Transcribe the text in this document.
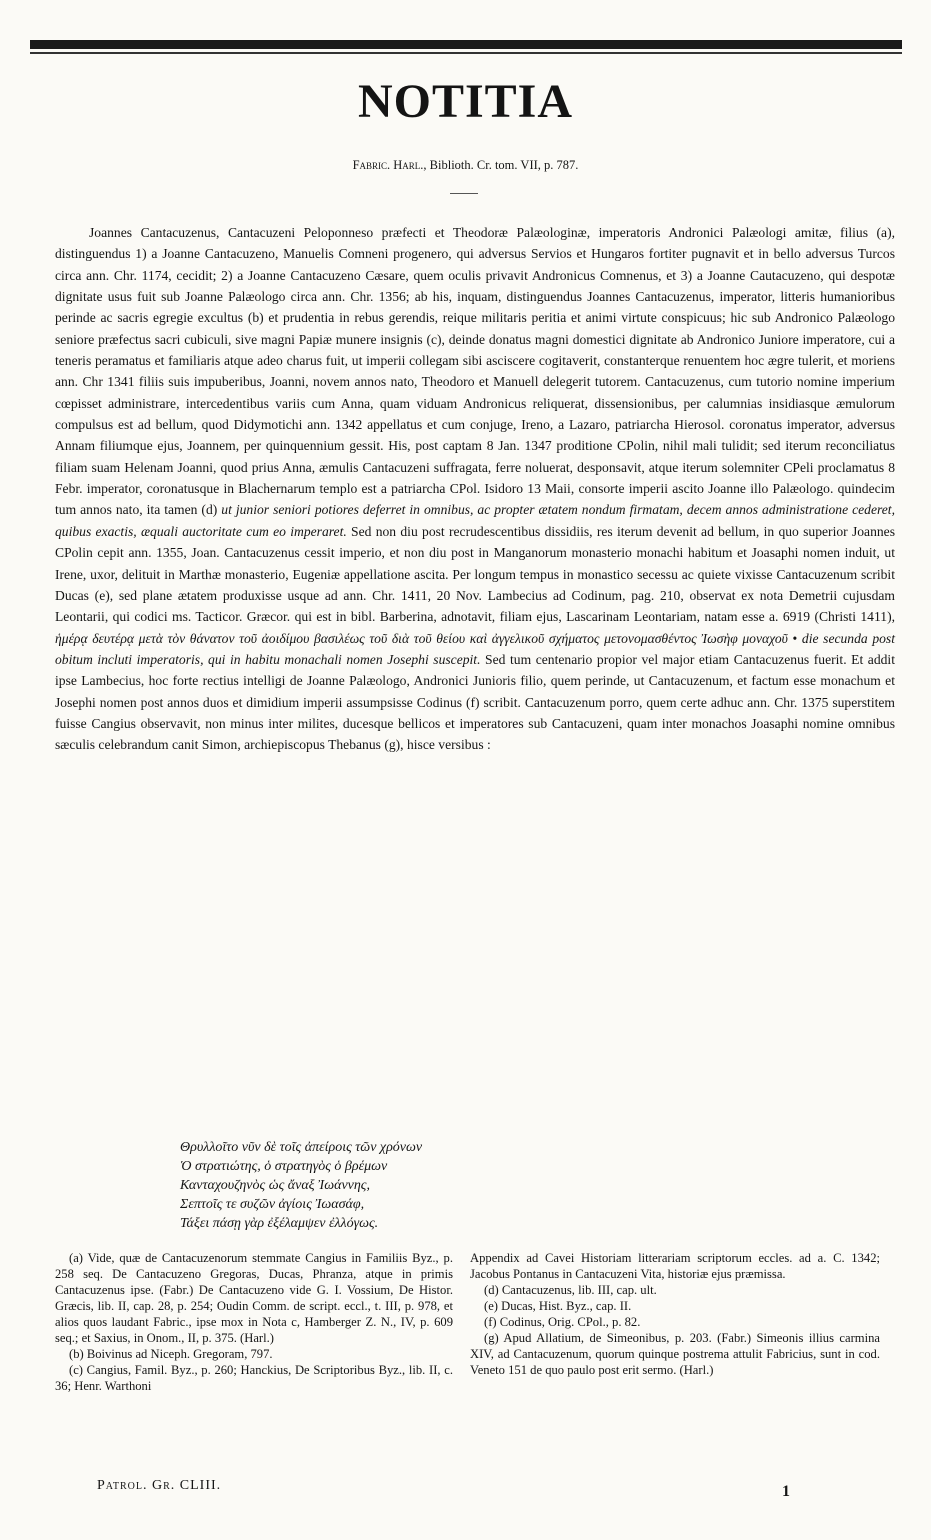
NOTITIA
Fabric. Harl., Biblioth. Cr. tom. VII, p. 787.
Joannes Cantacuzenus, Cantacuzeni Peloponneso præfecti et Theodoræ Palæologinæ, imperatoris Andronici Palæologi amitæ, filius (a), distinguendus 1) a Joanne Cantacuzeno, Manuelis Comneni progenero, qui adversus Servios et Hungaros fortiter pugnavit et in bello adversus Turcos circa ann. Chr. 1174, cecidit; 2) a Joanne Cantacuzeno Cæsare, quem oculis privavit Andronicus Comnenus, et 3) a Joanne Cautacuzeno, qui despotæ dignitate usus fuit sub Joanne Palæologo circa ann. Chr. 1356; ab his, inquam, distinguendus Joannes Cantacuzenus, imperator, litteris humanioribus perinde ac sacris egregie excultus (b) et prudentia in rebus gerendis, reique militaris peritia et animi virtute conspicuus; hic sub Andronico Palæologo seniore præfectus sacri cubiculi, sive magni Papiæ munere insignis (c), deinde donatus magni domestici dignitate ab Andronico Juniore imperatore, cui a teneris peramatus et familiaris atque adeo charus fuit, ut imperii collegam sibi asciscere cogitaverit, constanterque renuentem hoc ægre tulerit, et moriens ann. Chr 1341 filiis suis impuberibus, Joanni, novem annos nato, Theodoro et Manuell delegerit tutorem. Cantacuzenus, cum tutorio nomine imperium cœpisset administrare, intercedentibus variis cum Anna, quam viduam Andronicus reliquerat, dissensionibus, per calumnias insidiasque æmulorum compulsus est ad bellum, quod Didymotichi ann. 1342 appellatus et cum conjuge, Ireno, a Lazaro, patriarcha Hierosol. coronatus imperator, adversus Annam filiumque ejus, Joannem, per quinquennium gessit. His, post captam 8 Jan. 1347 proditione CPolin, nihil mali tulidit; sed iterum reconciliatus filiam suam Helenam Joanni, quod prius Anna, æmulis Cantacuzeni suffragata, ferre noluerat, desponsavit, atque iterum solemniter CPeli proclamatus 8 Febr. imperator, coronatusque in Blachernarum templo est a patriarcha CPol. Isidoro 13 Maii, consorte imperii ascito Joanne illo Palæologo. quindecim tum annos nato, ita tamen (d) ut junior seniori potiores deferret in omnibus, ac propter ætatem nondum firmatam, decem annos administratione cederet, quibus exactis, æquali auctoritate cum eo imperaret. Sed non diu post recrudescentibus dissidiis, res iterum devenit ad bellum, in quo superior Joannes CPolin cepit ann. 1355, Joan. Cantacuzenus cessit imperio, et non diu post in Manganorum monasterio monachi habitum et Joasaphi nomen induit, ut Irene, uxor, delituit in Marthæ monasterio, Eugeniæ appellatione ascita. Per longum tempus in monastico secessu ac quiete vixisse Cantacuzenum scribit Ducas (e), sed plane ætatem produxisse usque ad ann. Chr. 1411, 20 Nov. Lambecius ad Codinum, pag. 210, observat ex nota Demetrii cujusdam Leontarii, qui codici ms. Tacticor. Græcor. qui est in bibl. Barberina, adnotavit, filiam ejus, Lascarinam Leontariam, natam esse a. 6919 (Christi 1411), ἡμέρᾳ δευτέρᾳ μετὰ τὸν θάνατον τοῦ ἀοιδίμου βασιλέως τοῦ διὰ τοῦ θείου καὶ ἀγγελικοῦ σχήματος μετονομασθέντος Ἰωσὴφ μοναχοῦ • die secunda post obitum incluti imperatoris, qui in habitu monachali nomen Josephi suscepit. Sed tum centenario propior vel major etiam Cantacuzenus fuerit. Et addit ipse Lambecius, hoc forte rectius intelligi de Joanne Palæologo, Andronici Junioris filio, quem perinde, ut Cantacuzenum, et factum esse monachum et Josephi nomen post annos duos et dimidium imperii assumpsisse Codinus (f) scribit. Cantacuzenum porro, quem certe adhuc ann. Chr. 1375 superstitem fuisse Cangius observavit, non minus inter milites, ducesque bellicos et imperatores sub Cantacuzeni, quam inter monachos Joasaphi nomine omnibus sæculis celebrandum canit Simon, archiepiscopus Thebanus (g), hisce versibus :
Θρυλλοῖτο νῦν δὲ τοῖς ἀπείροις τῶν χρόνων
Ὁ στρατιώτης, ὁ στρατηγὸς ὁ βρέμων
Κανταχουζηνὸς ὡς ἄναξ Ἰωάννης,
Σεπτοῖς τε συζῶν ἀγίοις Ἰωασάφ,
Τάξει πάσῃ γὰρ ἐξέλαμψεν ἐλλόγως.

(a) Vide, quæ de Cantacuzenorum stemmate Cangius in Familiis Byz., p. 258 seq. De Cantacuzeno Gregoras, Ducas, Phranza, atque in primis Cantacuzenus ipse. (Fabr.) De Cantacuzeno vide G. I. Vossium, De Histor. Græcis, lib. II, cap. 28, p. 254; Oudin Comm. de script. eccl., t. III, p. 978, et alios quos laudant Fabric., ipse mox in Nota c, Hamberger Z. N., IV, p. 609 seq.; et Saxius, in Onom., II, p. 375. (Harl.)

(b) Boivinus ad Niceph. Gregoram, 797.

(c) Cangius, Famil. Byz., p. 260; Hanckius, De Scriptoribus Byz., lib. II, c. 36; Henr. Warthoni

Appendix ad Cavei Historiam litterariam scriptorum eccles. ad a. C. 1342; Jacobus Pontanus in Cantacuzeni Vita, historiæ ejus præmissa.

(d) Cantacuzenus, lib. III, cap. ult.

(e) Ducas, Hist. Byz., cap. II.

(f) Codinus, Orig. CPol., p. 82.

(g) Apud Allatium, de Simeonibus, p. 203. (Fabr.) Simeonis illius carmina XIV, ad Cantacuzenum, quorum quinque postrema attulit Fabricius, sunt in cod. Veneto 151 de quo paulo post erit sermo. (Harl.)

Patrol. Gr. CLIII.	1
